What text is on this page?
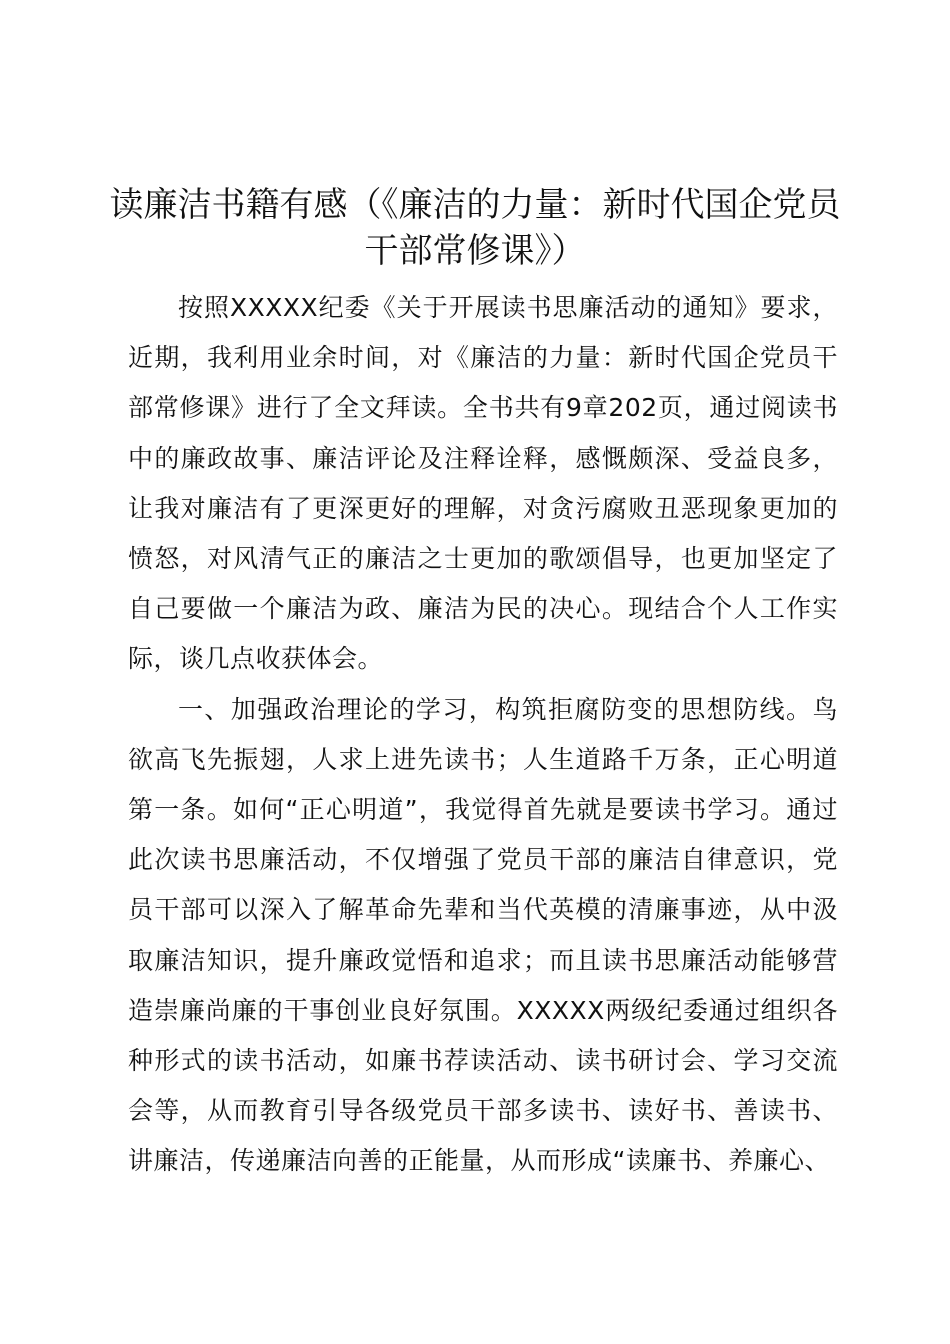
读廉洁书籍有感（《廉洁的力量：新时代国企党员干部常修课》）

按照XXXXX纪委《关于开展读书思廉活动的通知》要求，近期，我利用业余时间，对《廉洁的力量：新时代国企党员干部常修课》进行了全文拜读。全书共有9章202页，通过阅读书中的廉政故事、廉洁评论及注释诠释，感慨颇深、受益良多，让我对廉洁有了更深更好的理解，对贪污腐败丑恶现象更加的愤怒，对风清气正的廉洁之士更加的歌颂倡导，也更加坚定了自己要做一个廉洁为政、廉洁为民的决心。现结合个人工作实际，谈几点收获体会。

一、加强政治理论的学习，构筑拒腐防变的思想防线。鸟欲高飞先振翅，人求上进先读书；人生道路千万条，正心明道第一条。如何“正心明道”，我觉得首先就是要读书学习。通过此次读书思廉活动，不仅增强了党员干部的廉洁自律意识，党员干部可以深入了解革命先辈和当代英模的清廉事迹，从中汲取廉洁知识，提升廉政觉悟和追求；而且读书思廉活动能够营造崇廉尚廉的干事创业良好氛围。XXXXX两级纪委通过组织各种形式的读书活动，如廉书荐读活动、读书研讨会、学习交流会等，从而教育引导各级党员干部多读书、读好书、善读书、讲廉洁，传递廉洁向善的正能量，从而形成“读廉书、养廉心、
